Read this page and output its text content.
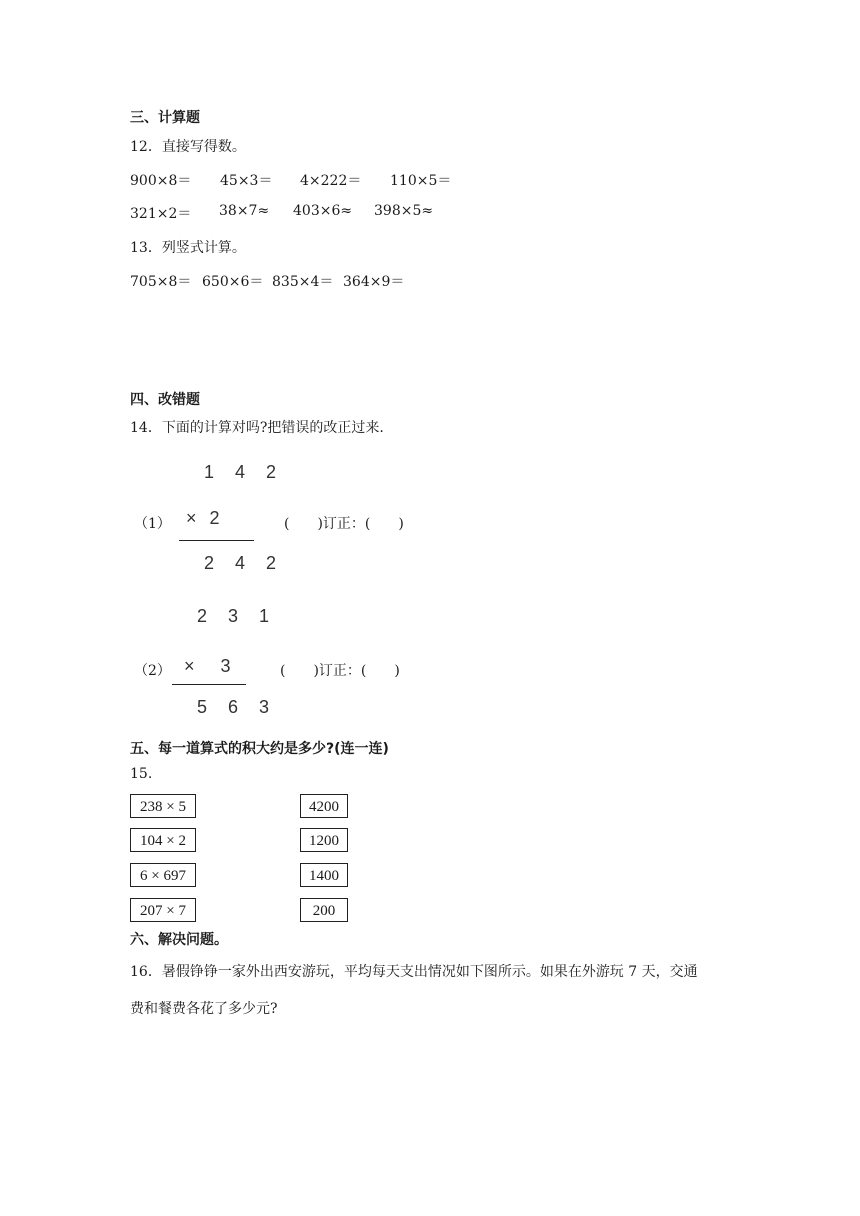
三、计算题
12．直接写得数。
900×8＝ 45×3＝ 4×222＝ 110×5＝
321×2＝ 38×7≈ 403×6≈ 398×5≈
13．列竖式计算。
705×8＝ 650×6＝ 835×4＝ 364×9＝
四、改错题
14．下面的计算对吗?把错误的改正过来.
1 4 2
（1） × 2
2 4 2
(　　)订正：(　　)
2 3 1
（2） ×　3
5 6 3
(　　)订正：(　　)
五、每一道算式的积大约是多少?(连一连)
15.
238 × 5
104 × 2
6 × 697
207 × 7
4200
1200
1400
200
六、解决问题。
16．暑假铮铮一家外出西安游玩，平均每天支出情况如下图所示。如果在外游玩 7 天，交通
费和餐费各花了多少元?
